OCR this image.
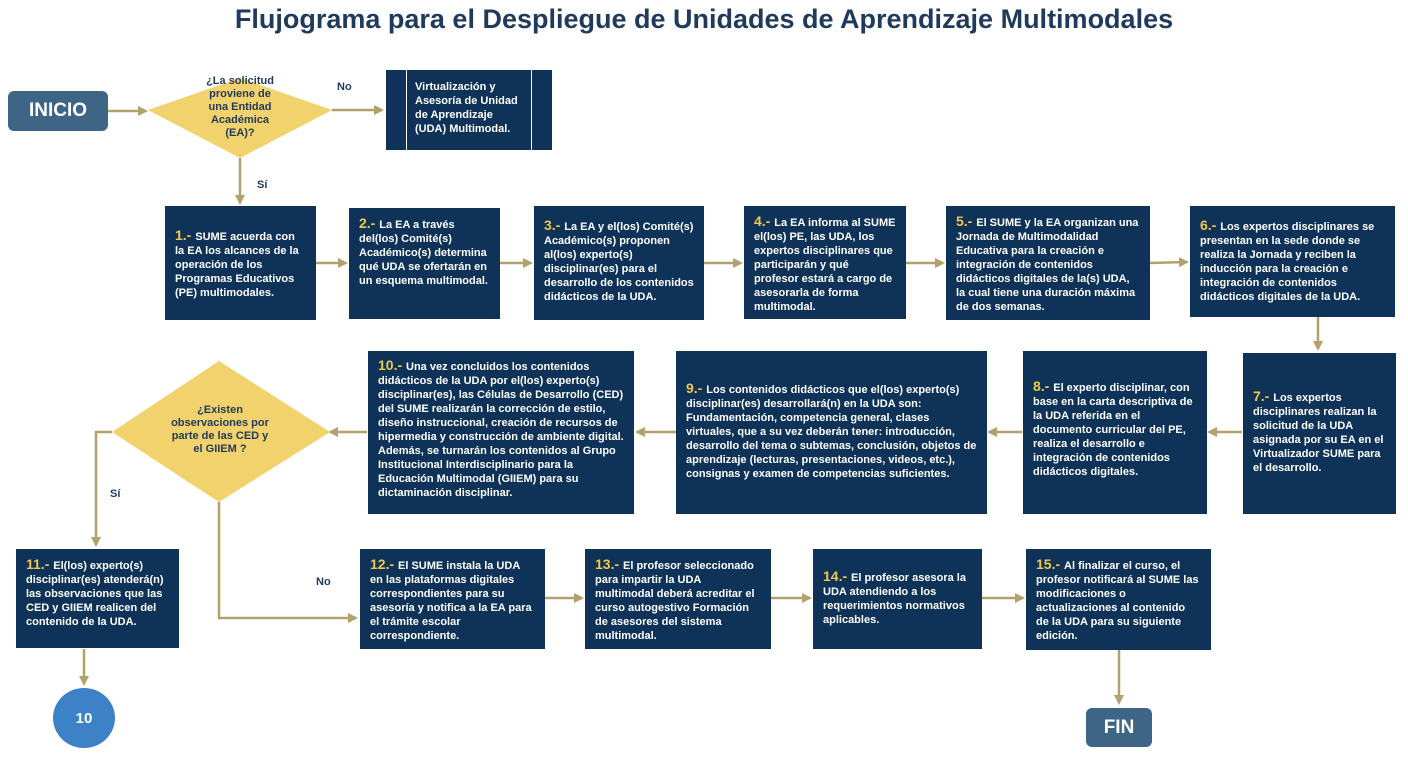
Flujograma para el Despliegue de Unidades de Aprendizaje Multimodales
INICIO
¿La solicitud proviene de una Entidad Académica (EA)?
No
Sí
Virtualización y Asesoría de Unidad de Aprendizaje (UDA) Multimodal.
1.- SUME acuerda con la EA los alcances de la operación de los Programas Educativos (PE) multimodales.
2.- La EA a través del(los) Comité(s) Académico(s) determina qué UDA se ofertarán en un esquema multimodal.
3.- La EA y el(los) Comité(s) Académico(s) proponen al(los) experto(s) disciplinar(es) para el desarrollo de los contenidos didácticos de la UDA.
4.- La EA informa al SUME el(los) PE, las UDA, los expertos disciplinares que participarán y qué profesor estará a cargo de asesorarla de forma multimodal.
5.- El SUME y la EA organizan una Jornada de Multimodalidad Educativa para la creación e integración de contenidos didácticos digitales de la(s) UDA, la cual tiene una duración máxima de dos semanas.
6.- Los expertos disciplinares se presentan en la sede donde se realiza la Jornada y reciben la inducción para la creación e integración de contenidos didácticos digitales de la UDA.
7.- Los expertos disciplinares realizan la solicitud de la UDA asignada por su EA en el Virtualizador SUME para el desarrollo.
8.- El experto disciplinar, con base en la carta descriptiva de la UDA referida en el documento curricular del PE, realiza el desarrollo e integración de contenidos didácticos digitales.
9.- Los contenidos didácticos que el(los) experto(s) disciplinar(es) desarrollará(n) en la UDA son: Fundamentación, competencia general, clases virtuales, que a su vez deberán tener: introducción, desarrollo del tema o subtemas, conclusión, objetos de aprendizaje (lecturas, presentaciones, videos, etc.), consignas y examen de competencias suficientes.
10.- Una vez concluidos los contenidos didácticos de la UDA por el(los) experto(s) disciplinar(es), las Células de Desarrollo (CED) del SUME realizarán la corrección de estilo, diseño instruccional, creación de recursos de hipermedia y construcción de ambiente digital. Además, se turnarán los contenidos al Grupo Institucional Interdisciplinario para la Educación Multimodal (GIIEM) para su dictaminación disciplinar.
¿Existen observaciones por parte de las CED y el GIIEM ?
Sí
No
11.- El(los) experto(s) disciplinar(es) atenderá(n) las observaciones que las CED y GIIEM realicen del contenido de la UDA.
12.- El SUME instala la UDA en las plataformas digitales correspondientes para su asesoría y notifica a la EA para el trámite escolar correspondiente.
13.- El profesor seleccionado para impartir la UDA multimodal deberá acreditar el curso autogestivo Formación de asesores del sistema multimodal.
14.- El profesor asesora la UDA atendiendo a los requerimientos normativos aplicables.
15.- Al finalizar el curso, el profesor notificará al SUME las modificaciones o actualizaciones al contenido de la UDA para su siguiente edición.
10	FIN
